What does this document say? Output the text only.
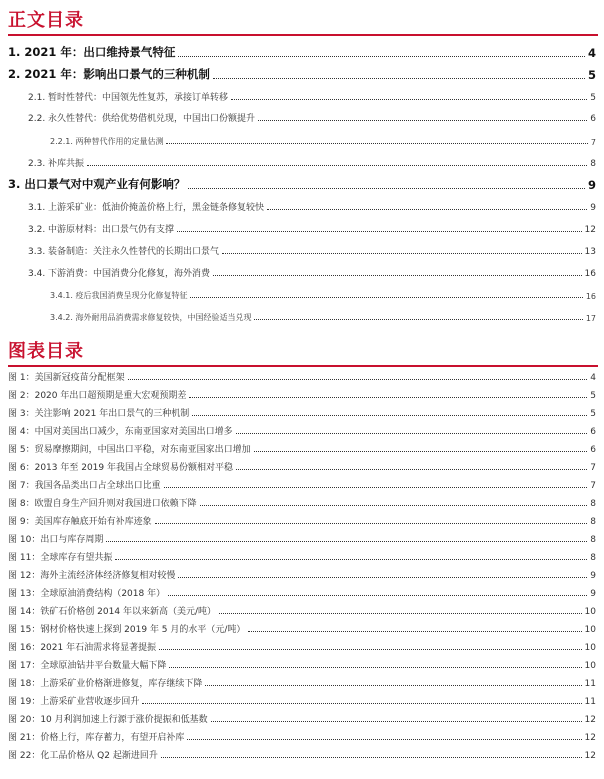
正文目录
1. 2021 年：出口维持景气特征	4
2. 2021 年：影响出口景气的三种机制	5
2.1. 暂时性替代：中国领先性复苏，承接订单转移	5
2.2. 永久性替代：供给优势借机兑现，中国出口份额提升	6
2.2.1. 两种替代作用的定量估测	7
2.3. 补库共振	8
3. 出口景气对中观产业有何影响？	9
3.1. 上游采矿业：低油价掩盖价格上行，黑金链条修复较快	9
3.2. 中游原材料：出口景气仍有支撑	12
3.3. 装备制造：关注永久性替代的长期出口景气	13
3.4. 下游消费：中国消费分化修复，海外消费	16
3.4.1. 疫后我国消费呈现分化修复特征	16
3.4.2. 海外耐用品消费需求修复较快，中国经验适当兑现	17
图表目录
图 1：美国新冠疫苗分配框架	4
图 2：2020 年出口超预期是重大宏观预期差	5
图 3：关注影响 2021 年出口景气的三种机制	5
图 4：中国对美国出口减少，东南亚国家对美国出口增多	6
图 5：贸易摩擦期间，中国出口平稳，对东南亚国家出口增加	6
图 6：2013 年至 2019 年我国占全球贸易份额相对平稳	7
图 7：我国各品类出口占全球出口比重	7
图 8：欧盟自身生产回升则对我国进口依赖下降	8
图 9：美国库存触底开始有补库迹象	8
图 10：出口与库存周期	8
图 11：全球库存有望共振	8
图 12：海外主流经济体经济修复相对较慢	9
图 13：全球原油消费结构（2018 年）	9
图 14：铁矿石价格创 2014 年以来新高（美元/吨）	10
图 15：钢材价格快速上探到 2019 年 5 月的水平（元/吨）	10
图 16：2021 年石油需求将显著提振	10
图 17：全球原油钻井平台数量大幅下降	10
图 18：上游采矿业价格渐进修复，库存继续下降	11
图 19：上游采矿业营收逐步回升	11
图 20：10 月利润加速上行源于涨价提振和低基数	12
图 21：价格上行，库存蓄力，有望开启补库	12
图 22：化工品价格从 Q2 起渐进回升	12
